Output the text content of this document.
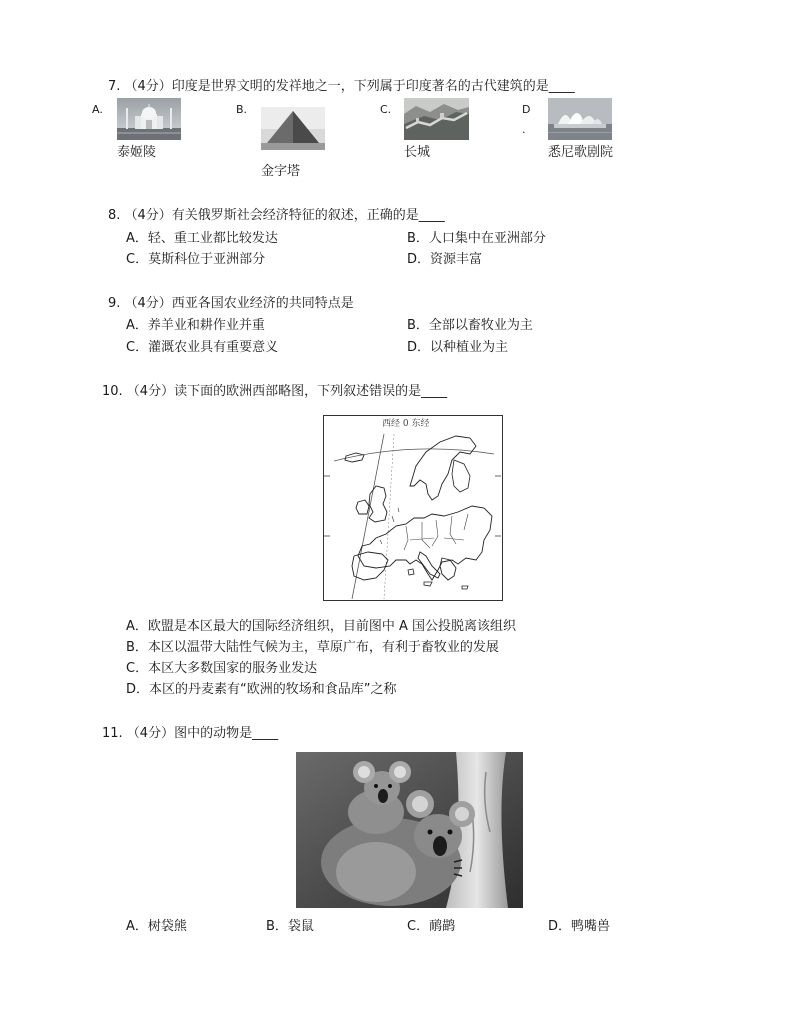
7. （4分）印度是世界文明的发祥地之一，下列属于印度著名的古代建筑的是____
A.
泰姬陵
B.
金字塔
C.
长城
D
.
悉尼歌剧院
8. （4分）有关俄罗斯社会经济特征的叙述，正确的是____
A．轻、重工业都比较发达	B．人口集中在亚洲部分
C．莫斯科位于亚洲部分	D．资源丰富
9. （4分）西亚各国农业经济的共同特点是
A．养羊业和耕作业并重	B．全部以畜牧业为主
C．灌溉农业具有重要意义	D．以种植业为主
10. （4分）读下面的欧洲西部略图，下列叙述错误的是____
西经 0 东经
A．欧盟是本区最大的国际经济组织，目前图中 A 国公投脱离该组织
B．本区以温带大陆性气候为主，草原广布，有利于畜牧业的发展
C．本区大多数国家的服务业发达
D．本区的丹麦素有“欧洲的牧场和食品库”之称
11. （4分）图中的动物是____
A．树袋熊	B．袋鼠	C．鸸鹋	D．鸭嘴兽
